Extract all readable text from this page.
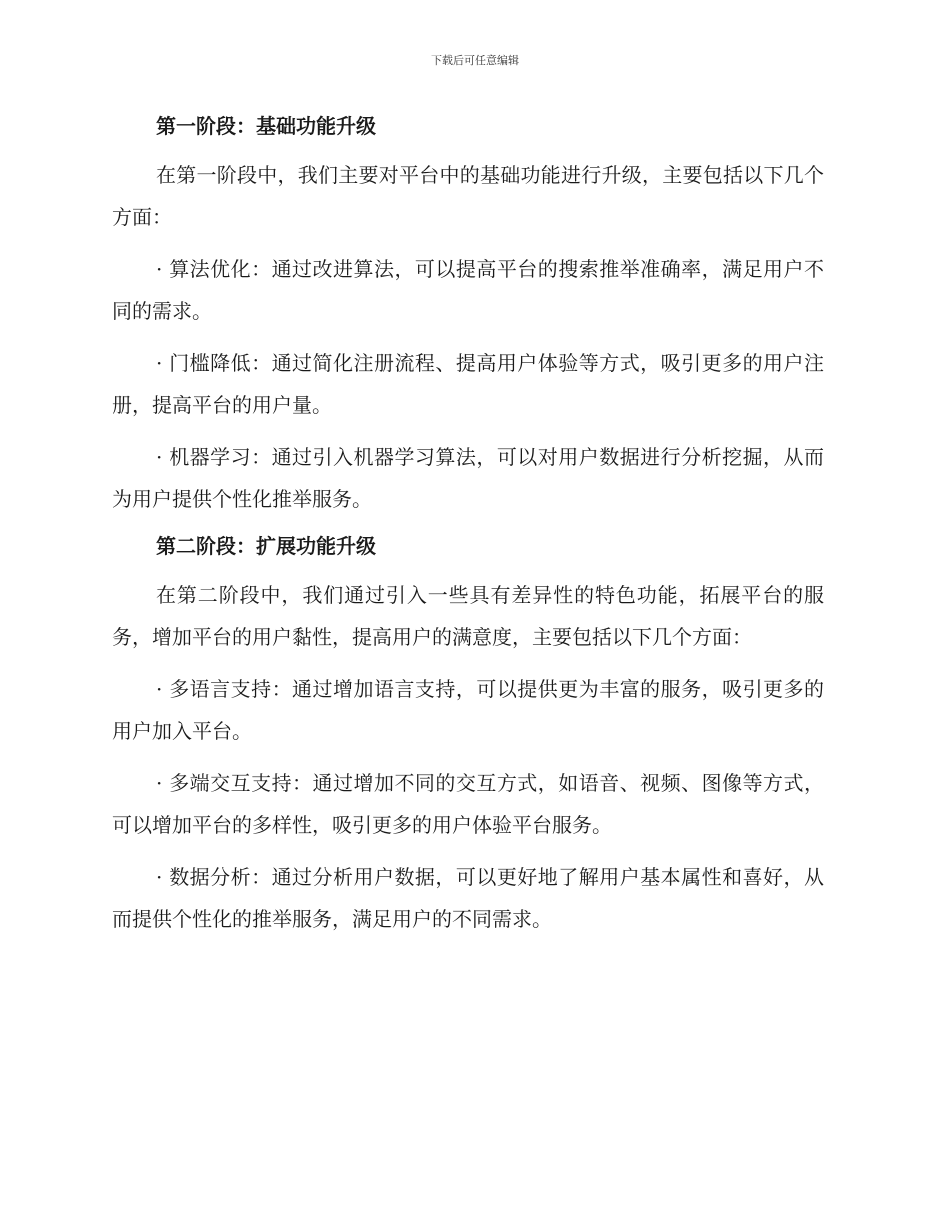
下载后可任意编辑
第一阶段：基础功能升级

在第一阶段中，我们主要对平台中的基础功能进行升级，主要包括以下几个方面：

· 算法优化：通过改进算法，可以提高平台的搜索推举准确率，满足用户不同的需求。

· 门槛降低：通过简化注册流程、提高用户体验等方式，吸引更多的用户注册，提高平台的用户量。

· 机器学习：通过引入机器学习算法，可以对用户数据进行分析挖掘，从而为用户提供个性化推举服务。

第二阶段：扩展功能升级

在第二阶段中，我们通过引入一些具有差异性的特色功能，拓展平台的服务，增加平台的用户黏性，提高用户的满意度，主要包括以下几个方面：

· 多语言支持：通过增加语言支持，可以提供更为丰富的服务，吸引更多的用户加入平台。

· 多端交互支持：通过增加不同的交互方式，如语音、视频、图像等方式，可以增加平台的多样性，吸引更多的用户体验平台服务。

· 数据分析：通过分析用户数据，可以更好地了解用户基本属性和喜好，从而提供个性化的推举服务，满足用户的不同需求。
